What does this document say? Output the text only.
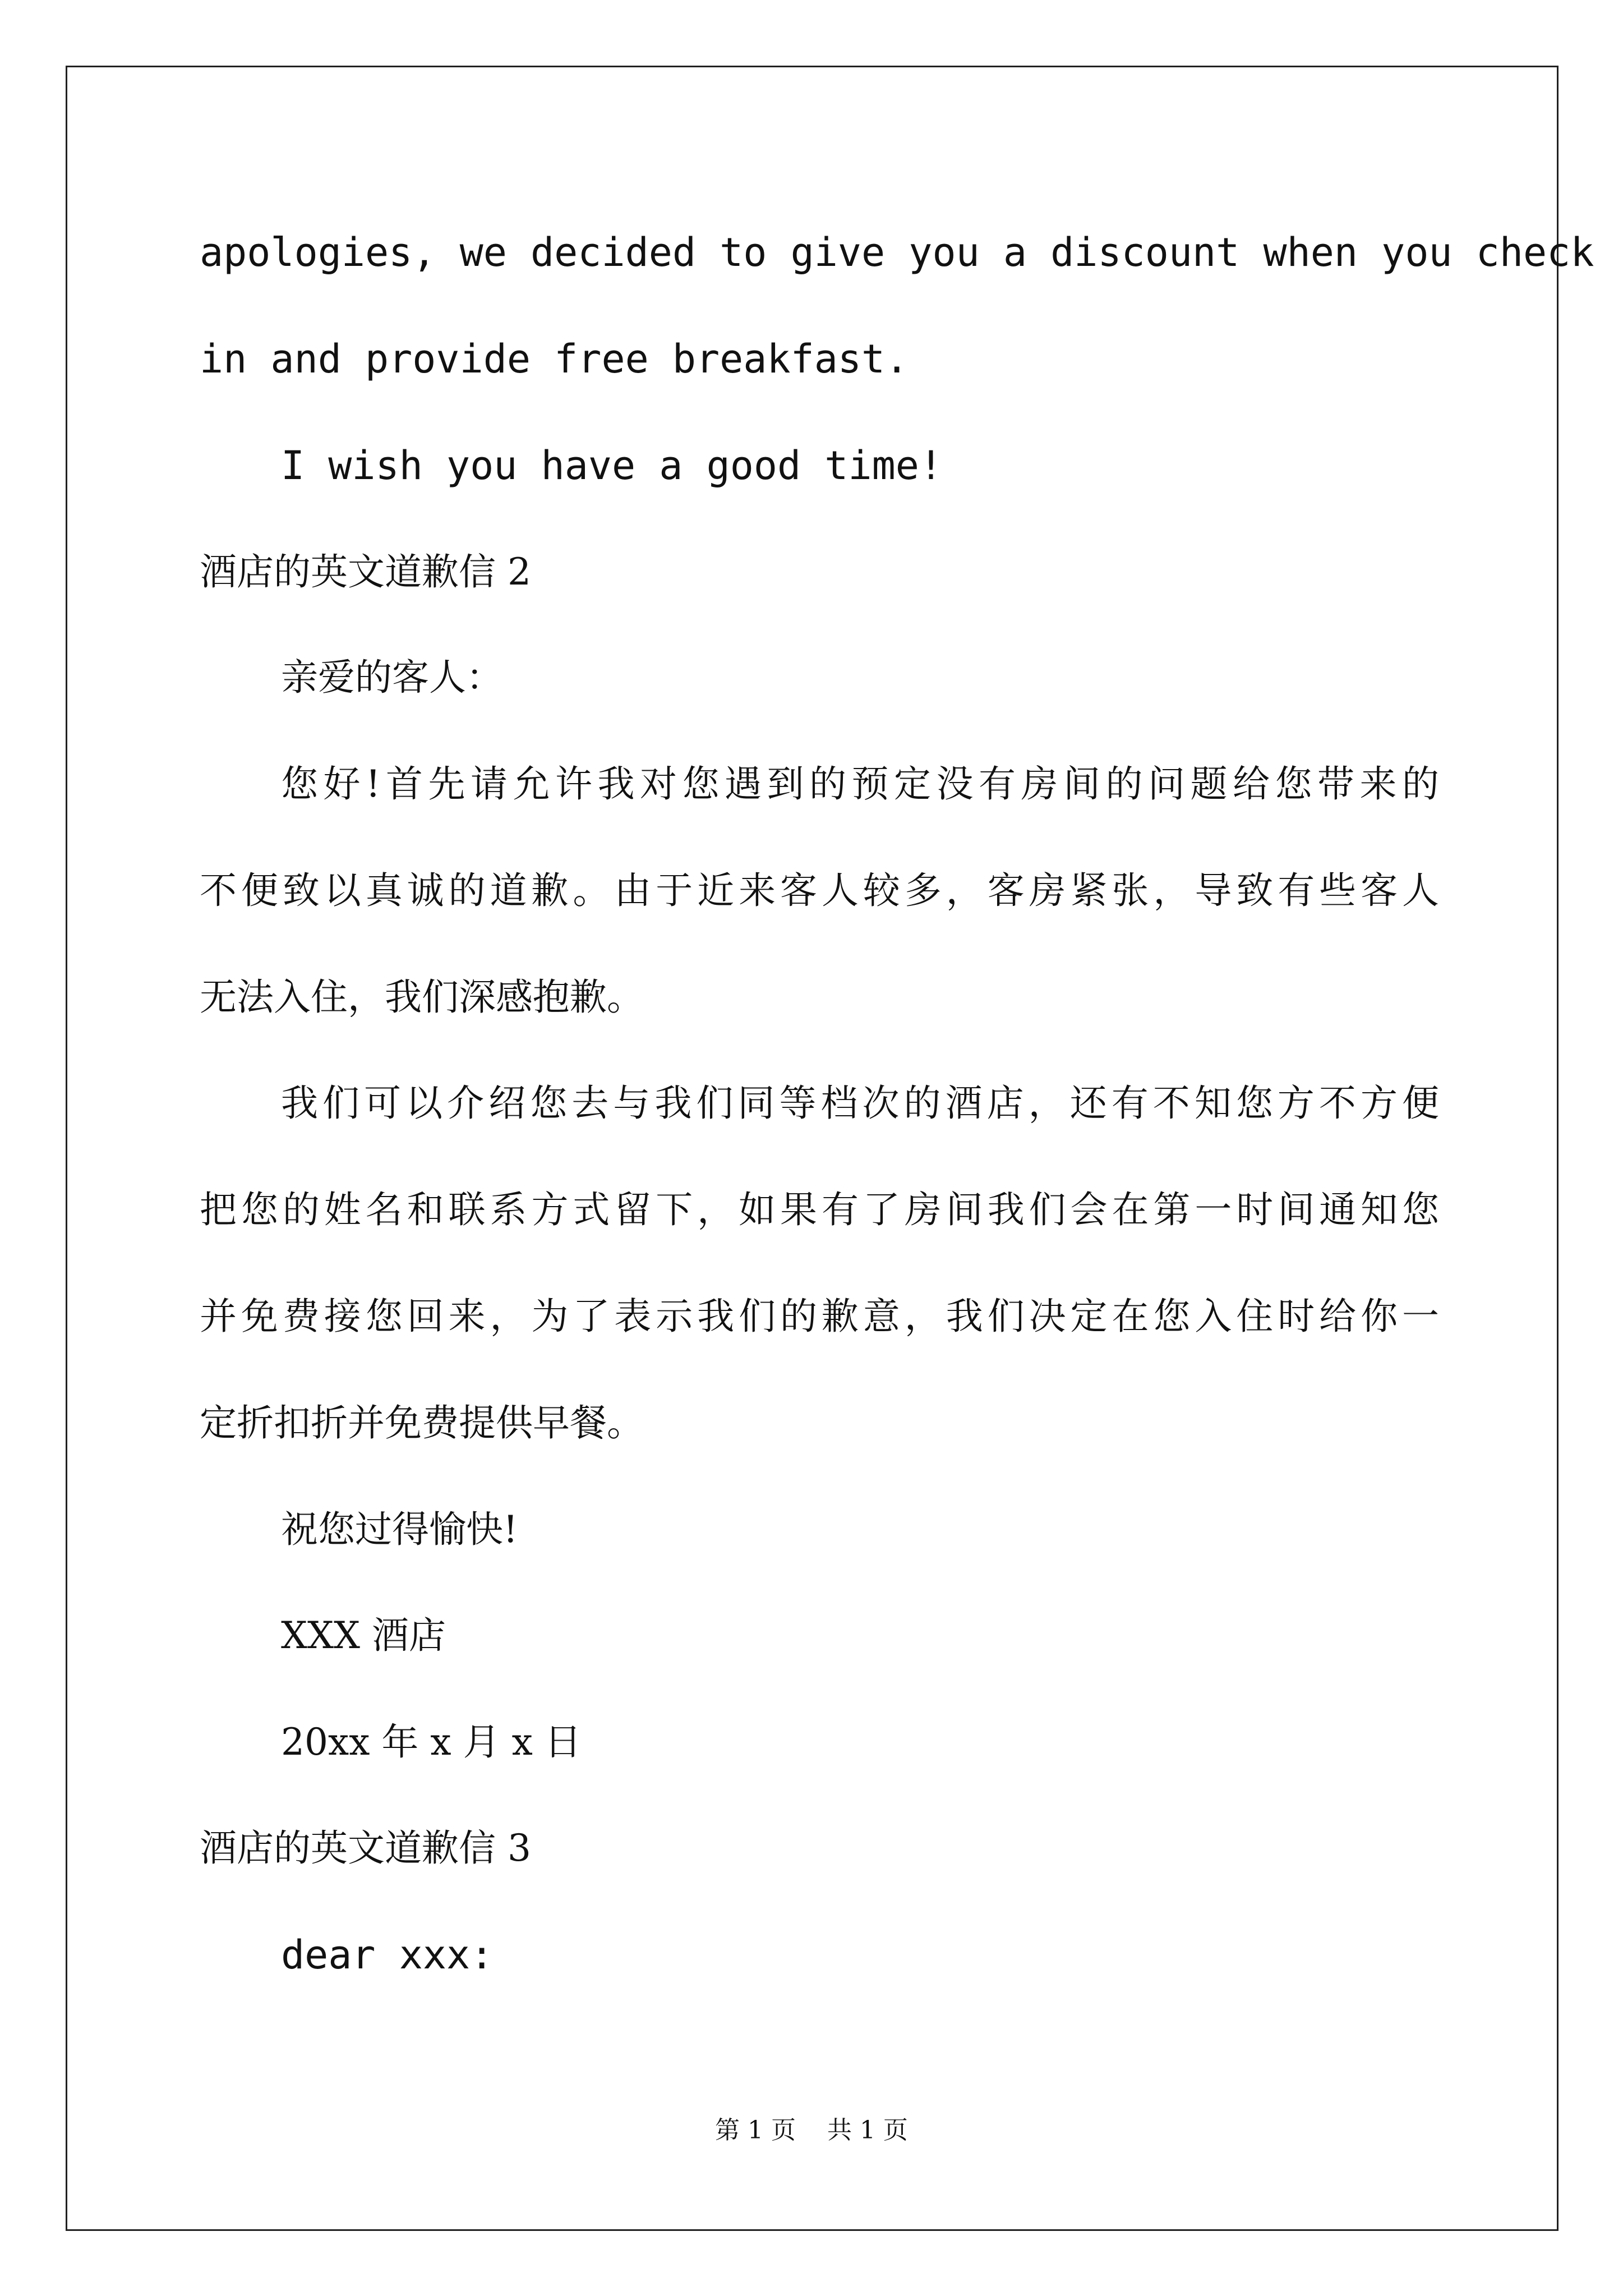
apologies, we decided to give you a discount when you check
in and provide free breakfast.
I wish you have a good time!
酒店的英文道歉信 2
亲爱的客人：
您好!首先请允许我对您遇到的预定没有房间的问题给您带来的
不便致以真诚的道歉。由于近来客人较多，客房紧张，导致有些客人
无法入住，我们深感抱歉。
我们可以介绍您去与我们同等档次的酒店，还有不知您方不方便
把您的姓名和联系方式留下，如果有了房间我们会在第一时间通知您
并免费接您回来，为了表示我们的歉意，我们决定在您入住时给你一
定折扣折并免费提供早餐。
祝您过得愉快!
XXX 酒店
20xx 年 x 月 x 日
酒店的英文道歉信 3
dear xxx:
第 1 页    共 1 页
